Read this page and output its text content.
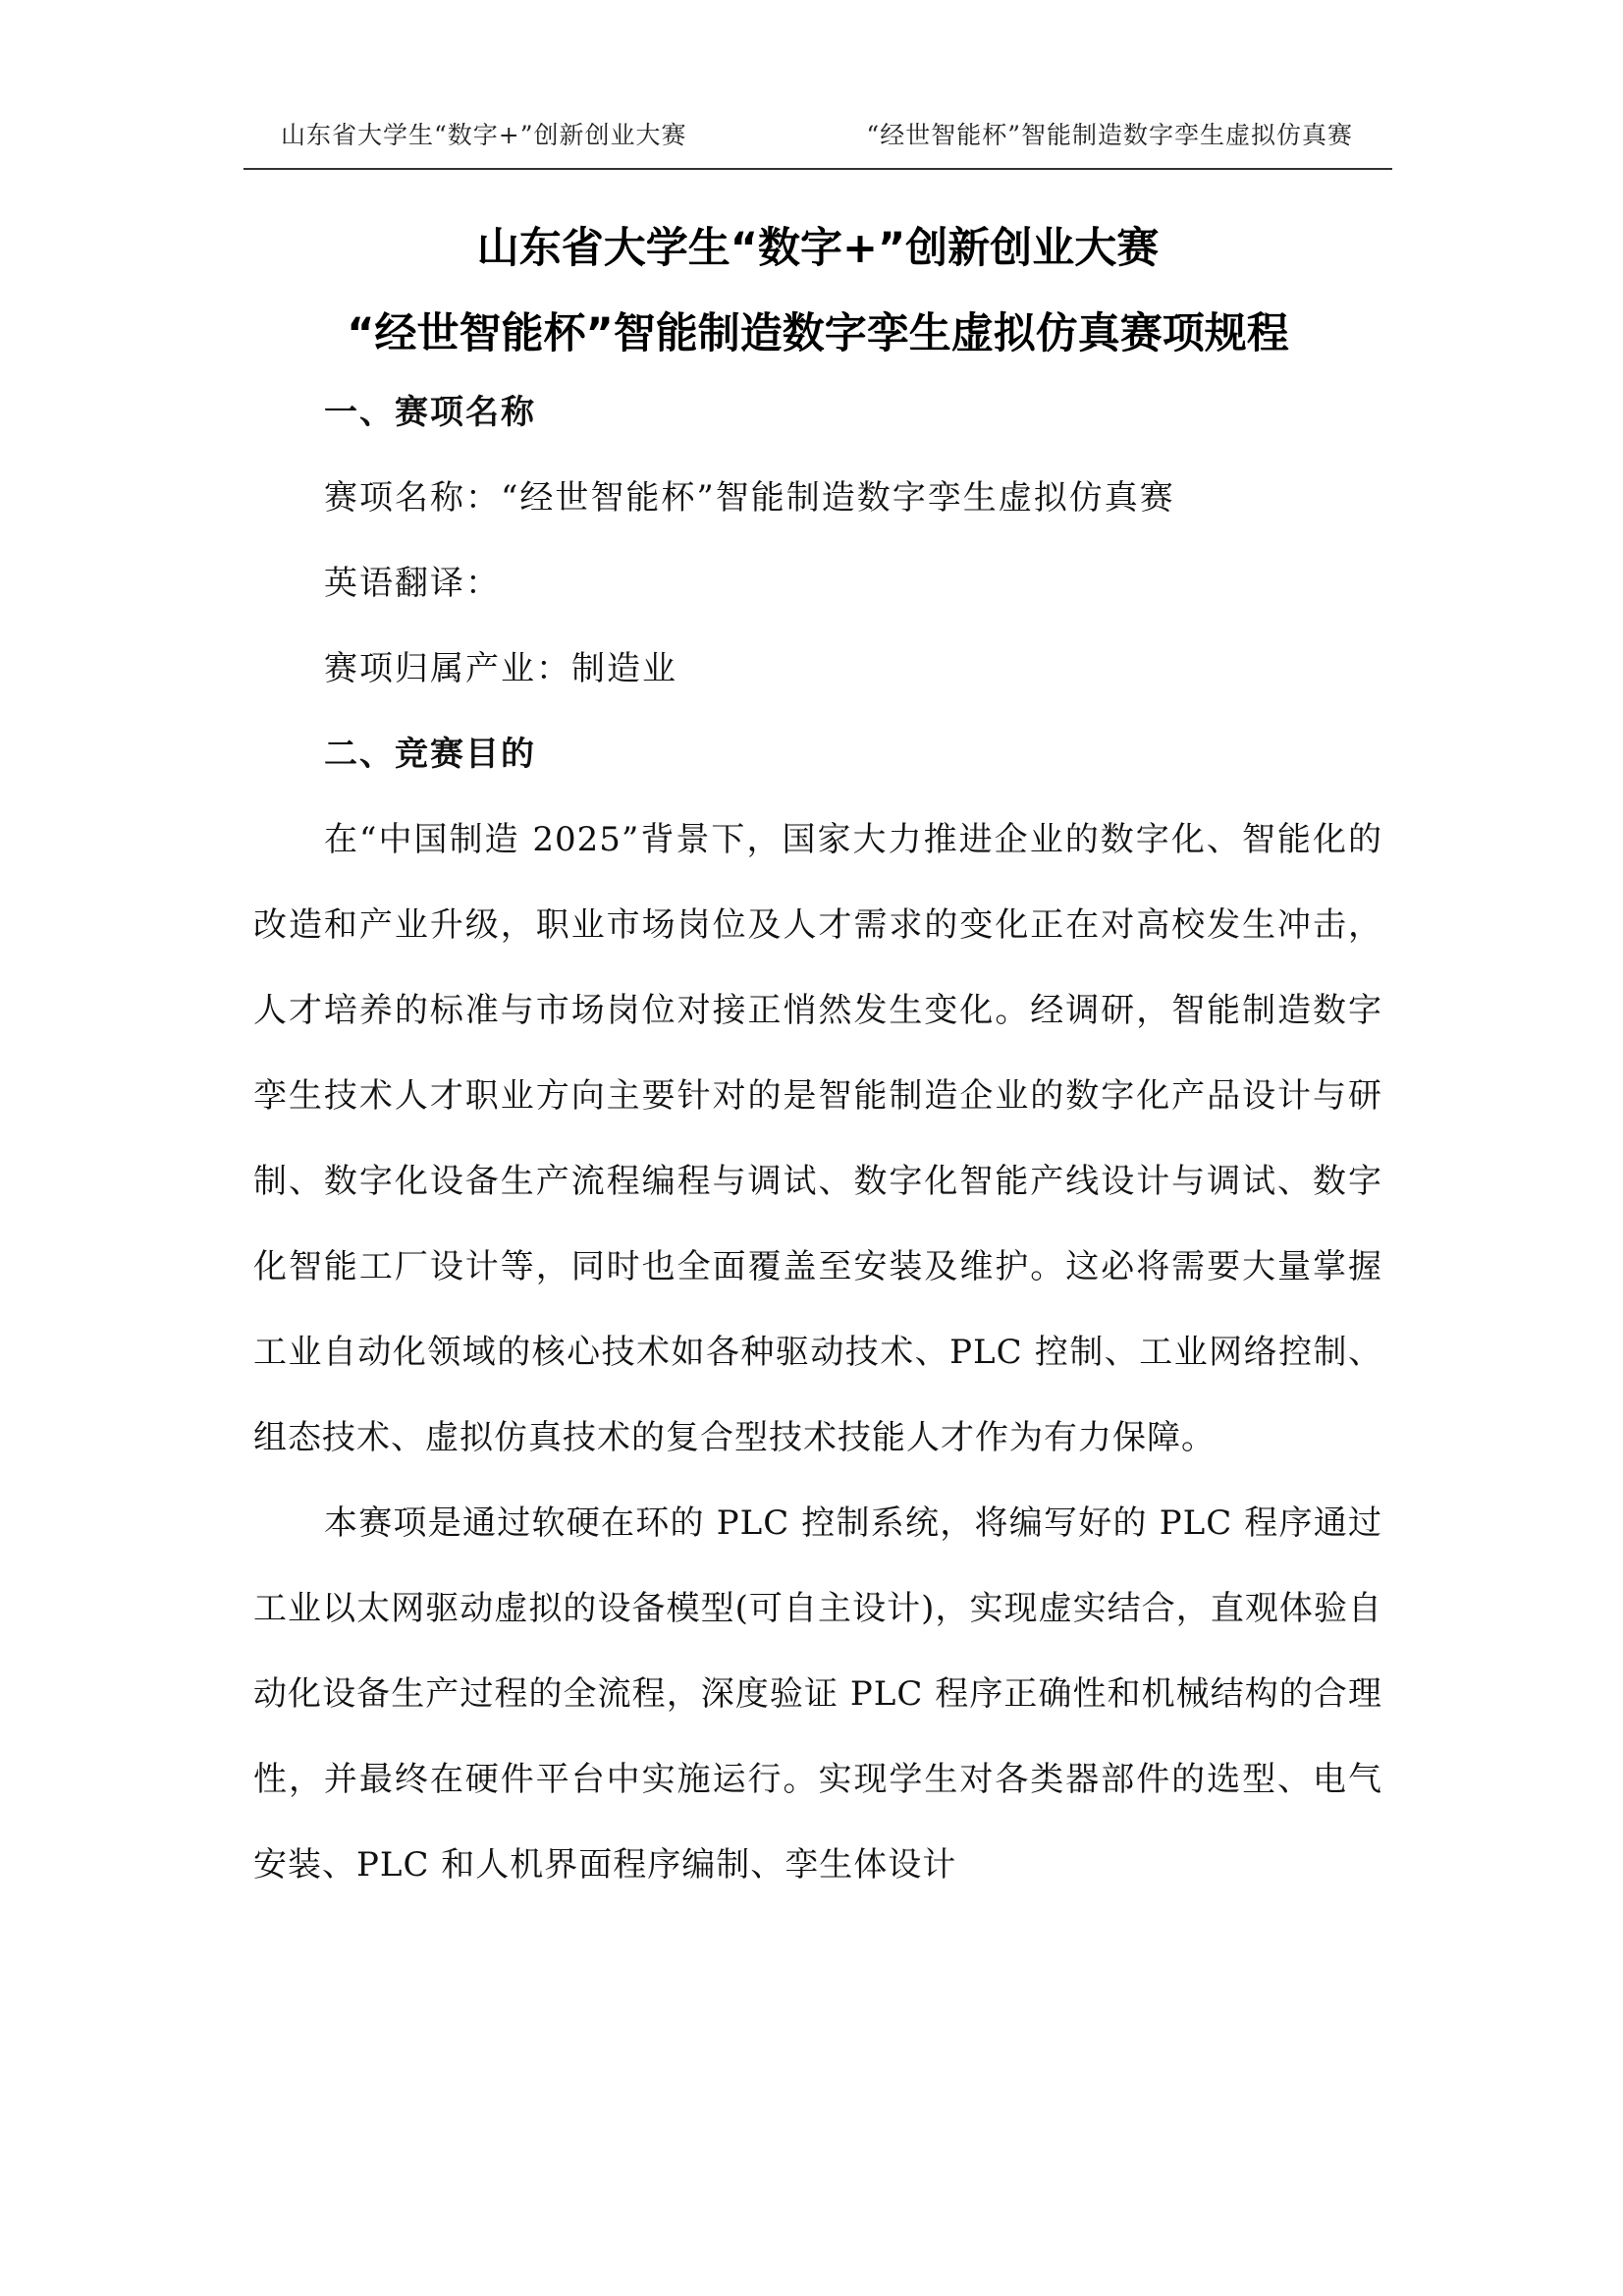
山东省大学生“数字+”创新创业大赛	“经世智能杯”智能制造数字孪生虚拟仿真赛
山东省大学生“数字+”创新创业大赛
“经世智能杯”智能制造数字孪生虚拟仿真赛项规程
一、赛项名称
赛项名称：“经世智能杯”智能制造数字孪生虚拟仿真赛
英语翻译：
赛项归属产业：制造业
二、竞赛目的
在“中国制造 2025”背景下，国家大力推进企业的数字化、智能化的改造和产业升级，职业市场岗位及人才需求的变化正在对高校发生冲击，人才培养的标准与市场岗位对接正悄然发生变化。经调研，智能制造数字孪生技术人才职业方向主要针对的是智能制造企业的数字化产品设计与研制、数字化设备生产流程编程与调试、数字化智能产线设计与调试、数字化智能工厂设计等，同时也全面覆盖至安装及维护。这必将需要大量掌握工业自动化领域的核心技术如各种驱动技术、PLC 控制、工业网络控制、组态技术、虚拟仿真技术的复合型技术技能人才作为有力保障。
本赛项是通过软硬在环的 PLC 控制系统，将编写好的 PLC 程序通过工业以太网驱动虚拟的设备模型(可自主设计)，实现虚实结合，直观体验自动化设备生产过程的全流程，深度验证 PLC 程序正确性和机械结构的合理性，并最终在硬件平台中实施运行。实现学生对各类器部件的选型、电气安装、PLC 和人机界面程序编制、孪生体设计
